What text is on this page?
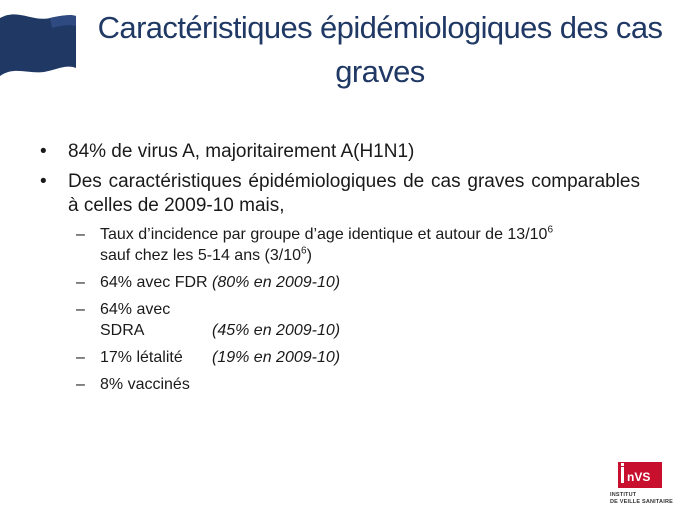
Caractéristiques épidémiologiques des cas graves
• 84% de virus A, majoritairement A(H1N1)
• Des caractéristiques épidémiologiques de cas graves comparables à celles de 2009-10 mais,
– Taux d’incidence par groupe d’age identique et autour de $13/10^6$
sauf chez les 5-14 ans $(3/10^6)$
– 64% avec FDR (80% en 2009-10)
– 64% avec SDRA	(45% en 2009-10)
– 17% létalité (19% en 2009-10)
– 8% vaccinés
nVS
INSTITUT
DE VEILLE SANITAIRE
